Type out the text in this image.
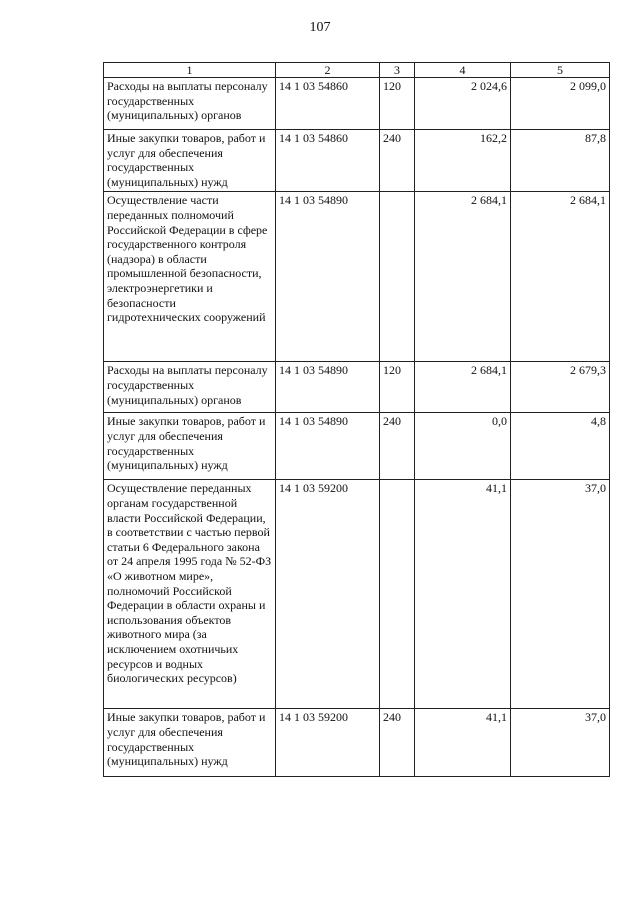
107
1	2	3	4	5
Расходы на выплаты персоналу государственных (муниципальных) органов	14 1 03 54860	120	2 024,6	2 099,0
Иные закупки товаров, работ и услуг для обеспечения государственных (муниципальных) нужд	14 1 03 54860	240	162,2	87,8
Осуществление части переданных полномочий Российской Федерации в сфере государственного контроля (надзора) в области промышленной безопасности, электроэнергетики и безопасности гидротехнических сооружений	14 1 03 54890		2 684,1	2 684,1
Расходы на выплаты персоналу государственных (муниципальных) органов	14 1 03 54890	120	2 684,1	2 679,3
Иные закупки товаров, работ и услуг для обеспечения государственных (муниципальных) нужд	14 1 03 54890	240	0,0	4,8
Осуществление переданных органам государственной власти Российской Федерации, в соответствии с частью первой статьи 6 Федерального закона от 24 апреля 1995 года № 52-ФЗ «О животном мире», полномочий Российской Федерации в области охраны и использования объектов животного мира (за исключением охотничьих ресурсов и водных биологических ресурсов)	14 1 03 59200		41,1	37,0
Иные закупки товаров, работ и услуг для обеспечения государственных (муниципальных) нужд	14 1 03 59200	240	41,1	37,0
